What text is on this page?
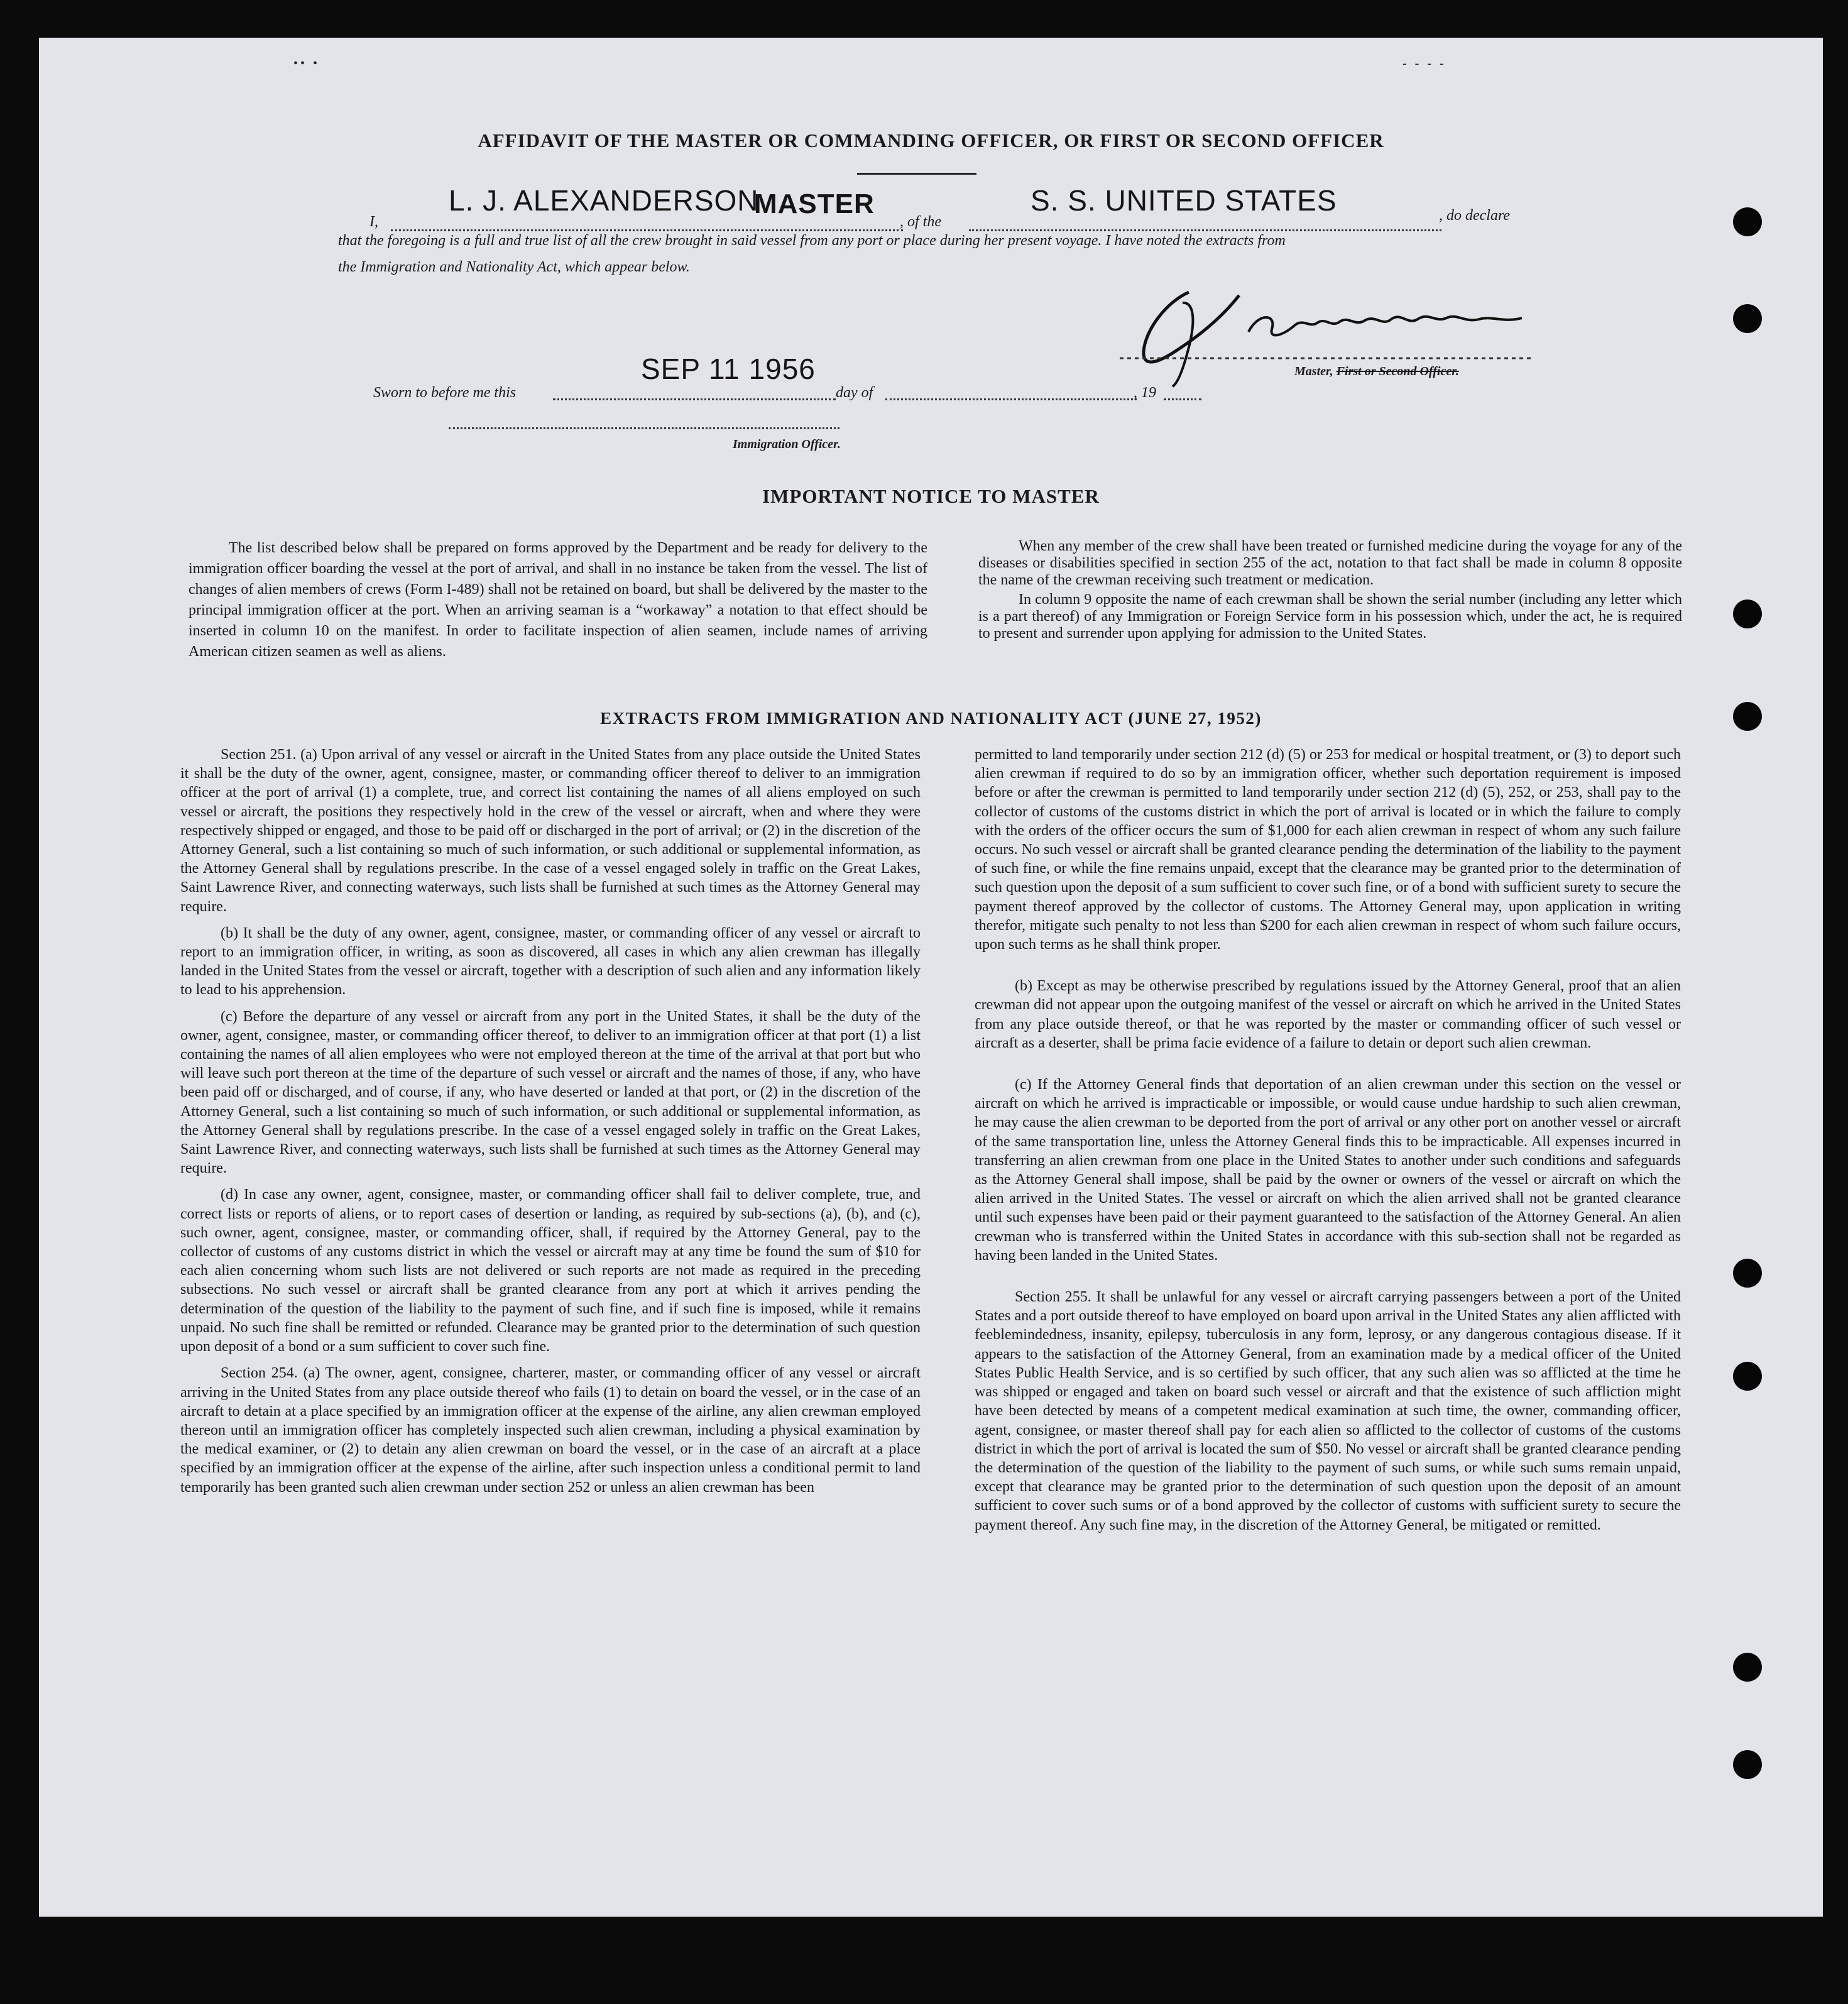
•• •	- - - -
AFFIDAVIT OF THE MASTER OR COMMANDING OFFICER, OR FIRST OR SECOND OFFICER
I,
L. J. ALEXANDERSON
MASTER
, of the
S. S. UNITED STATES	, do declare
that the foregoing is a full and true list of all the crew brought in said vessel from any port or place during her present voyage. I have noted the extracts from
the Immigration and Nationality Act, which appear below.
Master, First or Second Officer.
Sworn to before me this
SEP 11 1956
day of	, 19
Immigration Officer.
IMPORTANT NOTICE TO MASTER

The list described below shall be prepared on forms approved by the Department and be ready for delivery to the immigration officer boarding the vessel at the port of arrival, and shall in no instance be taken from the vessel. The list of changes of alien members of crews (Form I-489) shall not be retained on board, but shall be delivered by the master to the principal immigration officer at the port. When an arriving seaman is a “workaway” a notation to that effect should be inserted in column 10 on the manifest. In order to facilitate inspection of alien seamen, include names of arriving American citizen seamen as well as aliens.

When any member of the crew shall have been treated or furnished medicine during the voyage for any of the diseases or disabilities specified in section 255 of the act, notation to that fact shall be made in column 8 opposite the name of the crewman receiving such treatment or medication.

In column 9 opposite the name of each crewman shall be shown the serial number (including any letter which is a part thereof) of any Immigration or Foreign Service form in his possession which, under the act, he is required to present and surrender upon applying for admission to the United States.

EXTRACTS FROM IMMIGRATION AND NATIONALITY ACT (JUNE 27, 1952)

Section 251. (a) Upon arrival of any vessel or aircraft in the United States from any place outside the United States it shall be the duty of the owner, agent, consignee, master, or commanding officer thereof to deliver to an immigration officer at the port of arrival (1) a complete, true, and correct list containing the names of all aliens employed on such vessel or aircraft, the positions they respectively hold in the crew of the vessel or aircraft, when and where they were respectively shipped or engaged, and those to be paid off or discharged in the port of arrival; or (2) in the discretion of the Attorney General, such a list containing so much of such information, or such additional or supplemental information, as the Attorney General shall by regulations prescribe. In the case of a vessel engaged solely in traffic on the Great Lakes, Saint Lawrence River, and connecting waterways, such lists shall be furnished at such times as the Attorney General may require.

(b) It shall be the duty of any owner, agent, consignee, master, or commanding officer of any vessel or aircraft to report to an immigration officer, in writing, as soon as discovered, all cases in which any alien crewman has illegally landed in the United States from the vessel or aircraft, together with a description of such alien and any information likely to lead to his apprehension.

(c) Before the departure of any vessel or aircraft from any port in the United States, it shall be the duty of the owner, agent, consignee, master, or commanding officer thereof, to deliver to an immigration officer at that port (1) a list containing the names of all alien employees who were not employed thereon at the time of the arrival at that port but who will leave such port thereon at the time of the departure of such vessel or aircraft and the names of those, if any, who have been paid off or discharged, and of course, if any, who have deserted or landed at that port, or (2) in the discretion of the Attorney General, such a list containing so much of such information, or such additional or supplemental information, as the Attorney General shall by regulations prescribe. In the case of a vessel engaged solely in traffic on the Great Lakes, Saint Lawrence River, and connecting waterways, such lists shall be furnished at such times as the Attorney General may require.

(d) In case any owner, agent, consignee, master, or commanding officer shall fail to deliver complete, true, and correct lists or reports of aliens, or to report cases of desertion or landing, as required by sub-sections (a), (b), and (c), such owner, agent, consignee, master, or commanding officer, shall, if required by the Attorney General, pay to the collector of customs of any customs district in which the vessel or aircraft may at any time be found the sum of $10 for each alien concerning whom such lists are not delivered or such reports are not made as required in the preceding subsections. No such vessel or aircraft shall be granted clearance from any port at which it arrives pending the determination of the question of the liability to the payment of such fine, and if such fine is imposed, while it remains unpaid. No such fine shall be remitted or refunded. Clearance may be granted prior to the determination of such question upon deposit of a bond or a sum sufficient to cover such fine.

Section 254. (a) The owner, agent, consignee, charterer, master, or commanding officer of any vessel or aircraft arriving in the United States from any place outside thereof who fails (1) to detain on board the vessel, or in the case of an aircraft to detain at a place specified by an immigration officer at the expense of the airline, any alien crewman employed thereon until an immigration officer has completely inspected such alien crewman, including a physical examination by the medical examiner, or (2) to detain any alien crewman on board the vessel, or in the case of an aircraft at a place specified by an immigration officer at the expense of the airline, after such inspection unless a conditional permit to land temporarily has been granted such alien crewman under section 252 or unless an alien crewman has been

permitted to land temporarily under section 212 (d) (5) or 253 for medical or hospital treatment, or (3) to deport such alien crewman if required to do so by an immigration officer, whether such deportation requirement is imposed before or after the crewman is permitted to land temporarily under section 212 (d) (5), 252, or 253, shall pay to the collector of customs of the customs district in which the port of arrival is located or in which the failure to comply with the orders of the officer occurs the sum of $1,000 for each alien crewman in respect of whom any such failure occurs. No such vessel or aircraft shall be granted clearance pending the determination of the liability to the payment of such fine, or while the fine remains unpaid, except that the clearance may be granted prior to the determination of such question upon the deposit of a sum sufficient to cover such fine, or of a bond with sufficient surety to secure the payment thereof approved by the collector of customs. The Attorney General may, upon application in writing therefor, mitigate such penalty to not less than $200 for each alien crewman in respect of whom such failure occurs, upon such terms as he shall think proper.

(b) Except as may be otherwise prescribed by regulations issued by the Attorney General, proof that an alien crewman did not appear upon the outgoing manifest of the vessel or aircraft on which he arrived in the United States from any place outside thereof, or that he was reported by the master or commanding officer of such vessel or aircraft as a deserter, shall be prima facie evidence of a failure to detain or deport such alien crewman.

(c) If the Attorney General finds that deportation of an alien crewman under this section on the vessel or aircraft on which he arrived is impracticable or impossible, or would cause undue hardship to such alien crewman, he may cause the alien crewman to be deported from the port of arrival or any other port on another vessel or aircraft of the same transportation line, unless the Attorney General finds this to be impracticable. All expenses incurred in transferring an alien crewman from one place in the United States to another under such conditions and safeguards as the Attorney General shall impose, shall be paid by the owner or owners of the vessel or aircraft on which the alien arrived in the United States. The vessel or aircraft on which the alien arrived shall not be granted clearance until such expenses have been paid or their payment guaranteed to the satisfaction of the Attorney General. An alien crewman who is transferred within the United States in accordance with this sub-section shall not be regarded as having been landed in the United States.

Section 255. It shall be unlawful for any vessel or aircraft carrying passengers between a port of the United States and a port outside thereof to have employed on board upon arrival in the United States any alien afflicted with feeblemindedness, insanity, epilepsy, tuberculosis in any form, leprosy, or any dangerous contagious disease. If it appears to the satisfaction of the Attorney General, from an examination made by a medical officer of the United States Public Health Service, and is so certified by such officer, that any such alien was so afflicted at the time he was shipped or engaged and taken on board such vessel or aircraft and that the existence of such affliction might have been detected by means of a competent medical examination at such time, the owner, commanding officer, agent, consignee, or master thereof shall pay for each alien so afflicted to the collector of customs of the customs district in which the port of arrival is located the sum of $50. No vessel or aircraft shall be granted clearance pending the determination of the question of the liability to the payment of such sums, or while such sums remain unpaid, except that clearance may be granted prior to the determination of such question upon the deposit of an amount sufficient to cover such sums or of a bond approved by the collector of customs with sufficient surety to secure the payment thereof. Any such fine may, in the discretion of the Attorney General, be mitigated or remitted.
